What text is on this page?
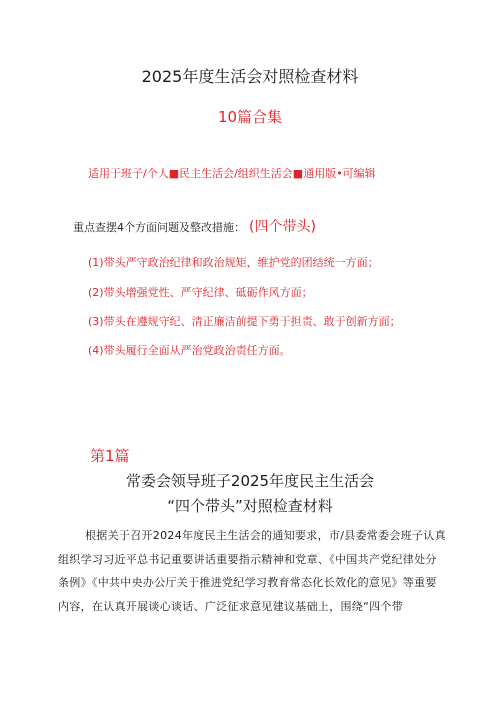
2025年度生活会对照检查材料
10篇合集
适用于班子/个人■民主生活会/组织生活会■通用版•可编辑
重点查摆4个方面问题及整改措施： (四个带头)
(1)带头严守政治纪律和政治规矩，维护党的团结统一方面；
(2)带头增强党性、严守纪律、砥砺作风方面；
(3)带头在遵规守纪、清正廉洁前提下勇于担责、敢于创新方面；
(4)带头履行全面从严治党政治责任方面。
第1篇
常委会领导班子2025年度民主生活会
“四个带头”对照检查材料
根据关于召开2024年度民主生活会的通知要求，市/县委常委会班子认真组织学习习近平总书记重要讲话重要指示精神和党章、《中国共产党纪律处分条例》《中共中央办公厅关于推进党纪学习教育常态化长效化的意见》等重要内容，在认真开展谈心谈话、广泛征求意见建议基础上，围绕“四个带
